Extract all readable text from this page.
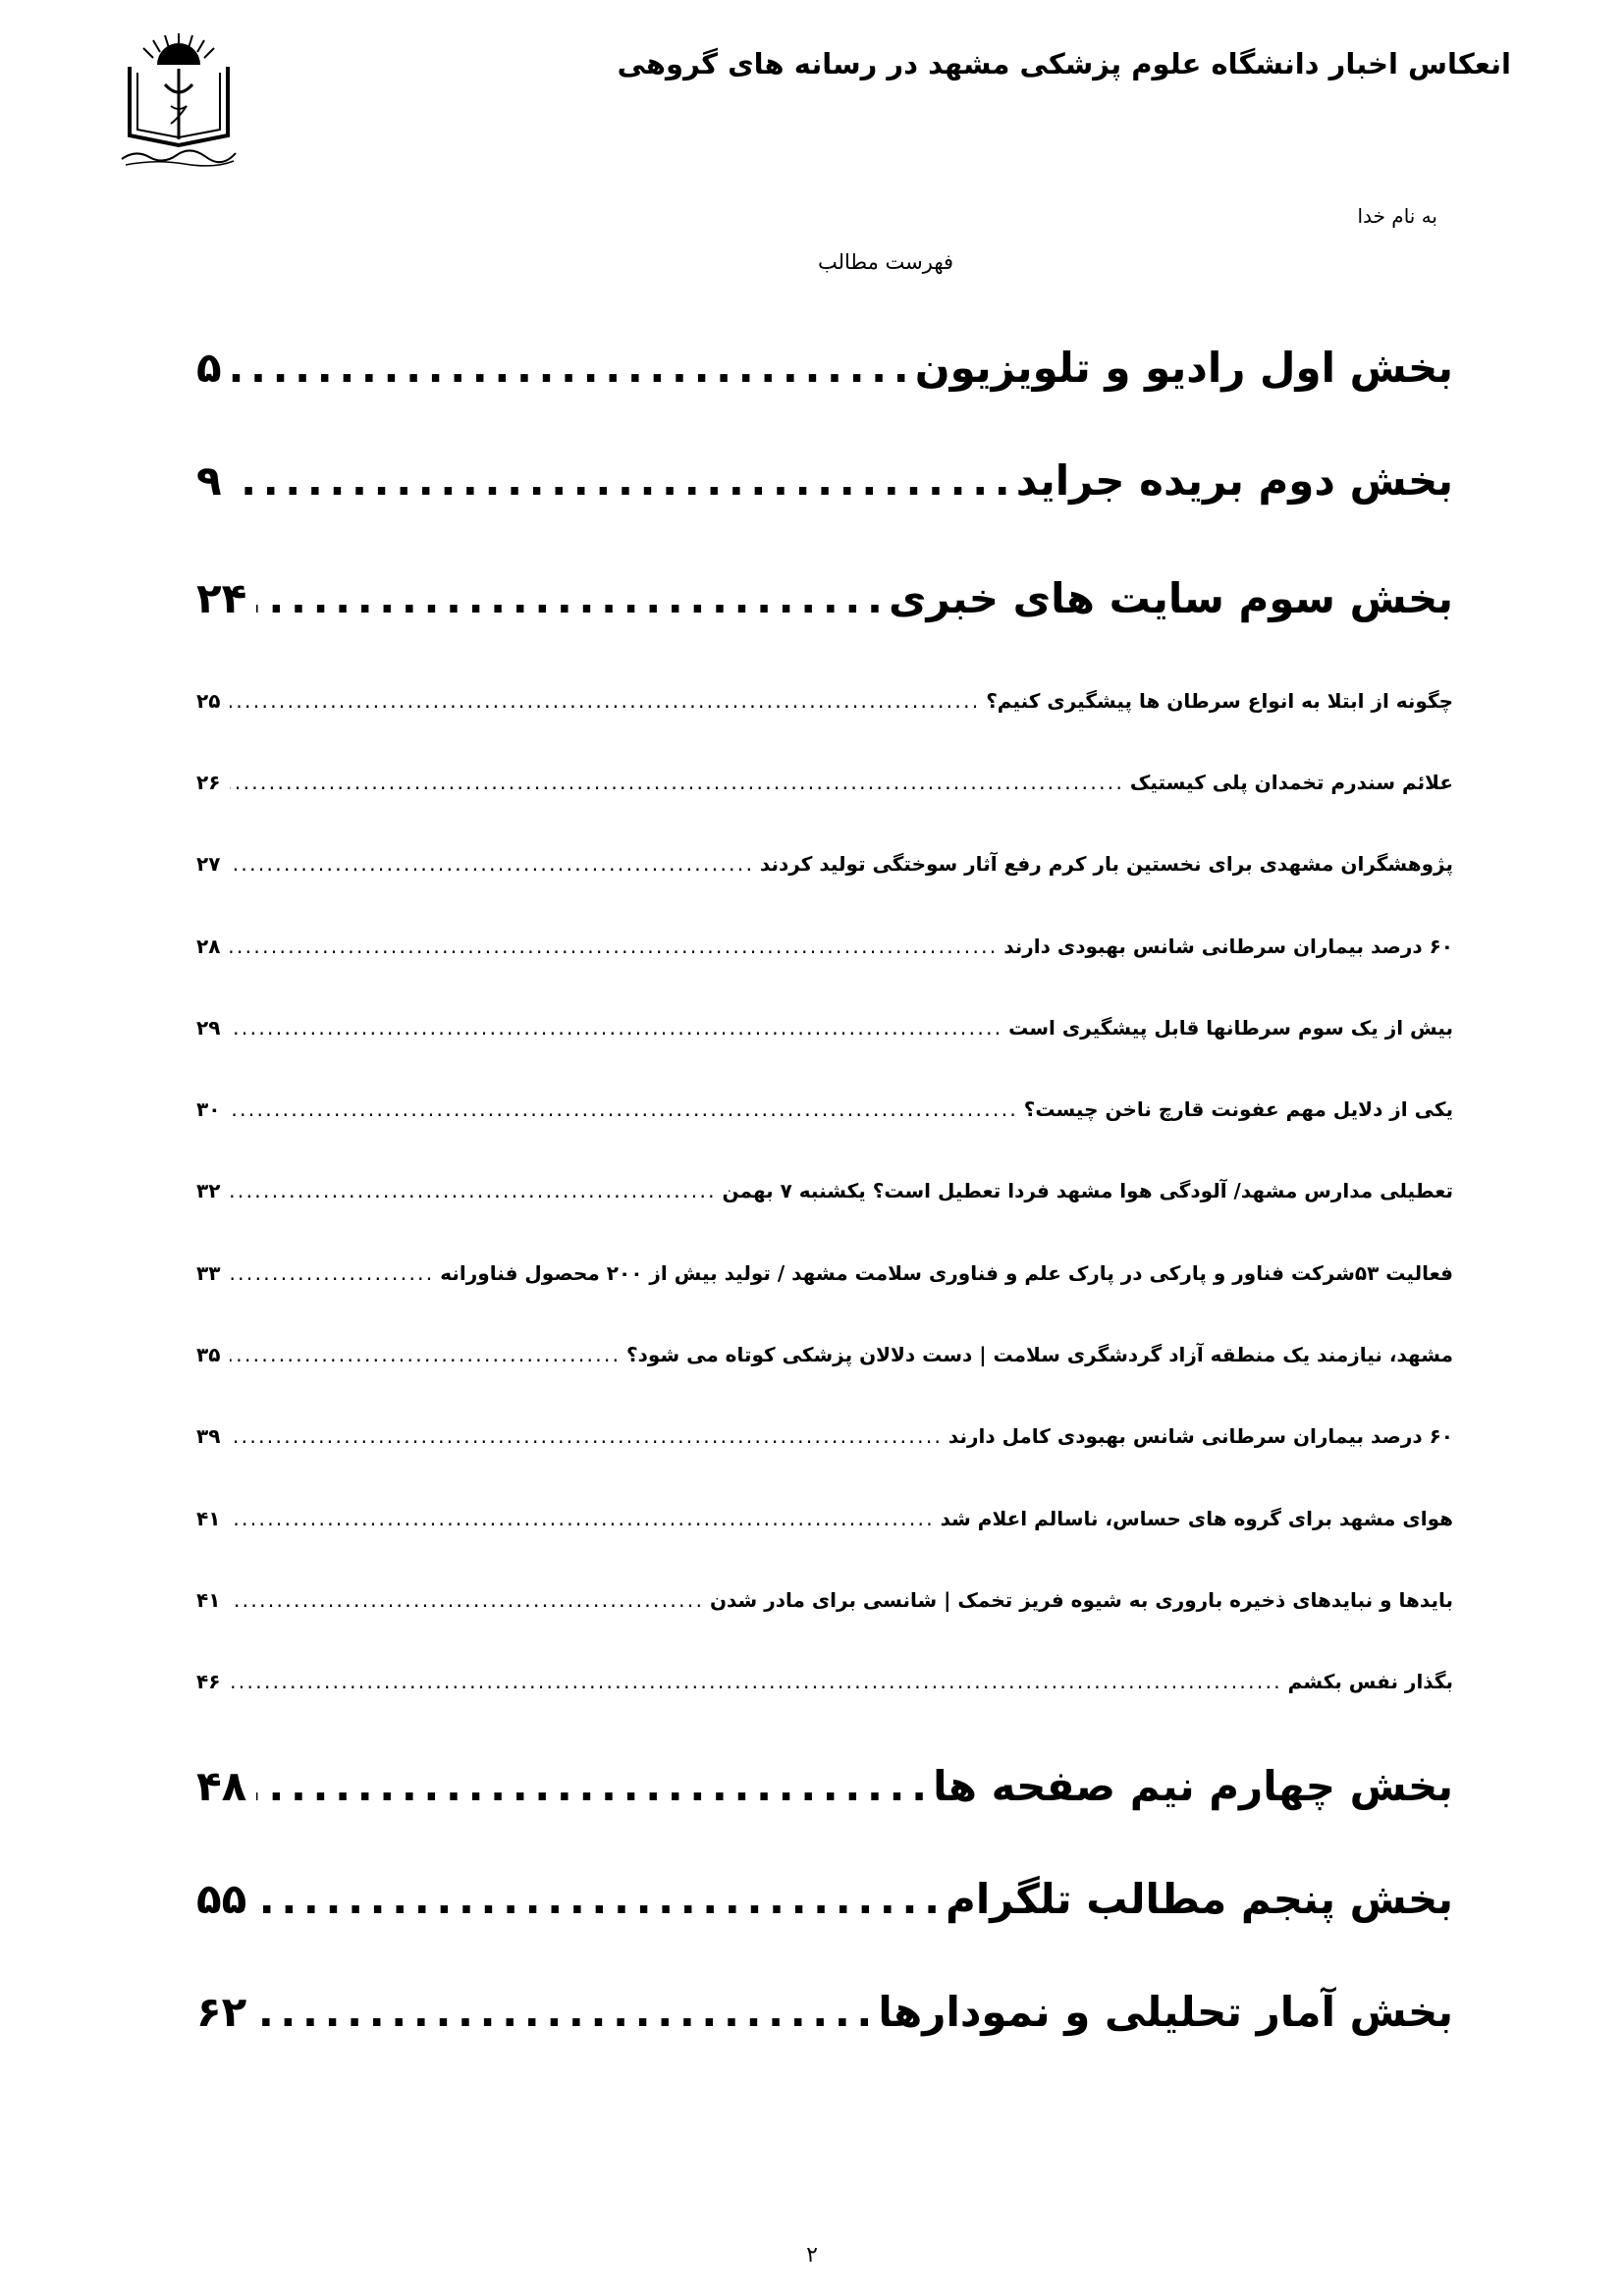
انعکاس اخبار دانشگاه علوم پزشکی مشهد در رسانه های گروهی
به نام خدا
فهرست مطالب
بخش اول رادیو و تلویزیون
. . .
۵
بخش دوم بریده جراید
. . .
۹
بخش سوم سایت های خبری
. . .
۲۴
چگونه از ابتلا به انواع سرطان ها پیشگیری کنیم؟
. . .
۲۵
علائم سندرم تخمدان پلی کیستیک
. . .
۲۶
پژوهشگران مشهدی برای نخستین بار کرم رفع آثار سوختگی تولید کردند
. . .
۲۷
۶۰ درصد بیماران سرطانی شانس بهبودی دارند
. . .
۲۸
بیش از یک سوم سرطانها قابل پیشگیری است
. . .
۲۹
یکی از دلایل مهم عفونت قارچ ناخن چیست؟
. . .
۳۰
تعطیلی مدارس مشهد/ آلودگی هوا مشهد فردا تعطیل است؟ یکشنبه ۷ بهمن
. . .
۳۲
فعالیت ۵۳شرکت فناور و پارکی در پارک علم و فناوری سلامت مشهد / تولید بیش از ۲۰۰ محصول فناورانه
. . .
۳۳
مشهد، نیازمند یک منطقه آزاد گردشگری سلامت | دست دلالان پزشکی کوتاه می شود؟
. . .
۳۵
۶۰ درصد بیماران سرطانی شانس بهبودی کامل دارند
. . .
۳۹
هوای مشهد برای گروه های حساس، ناسالم اعلام شد
. . .
۴۱
بایدها و نبایدهای ذخیره باروری به شیوه فریز تخمک | شانسی برای مادر شدن
. . .
۴۱
بگذار نفس بکشم
. . .
۴۶
بخش چهارم نیم صفحه ها
. . .
۴۸
بخش پنجم مطالب تلگرام
. . .
۵۵
بخش آمار تحلیلی و نمودارها
. . .
۶۲
۲
